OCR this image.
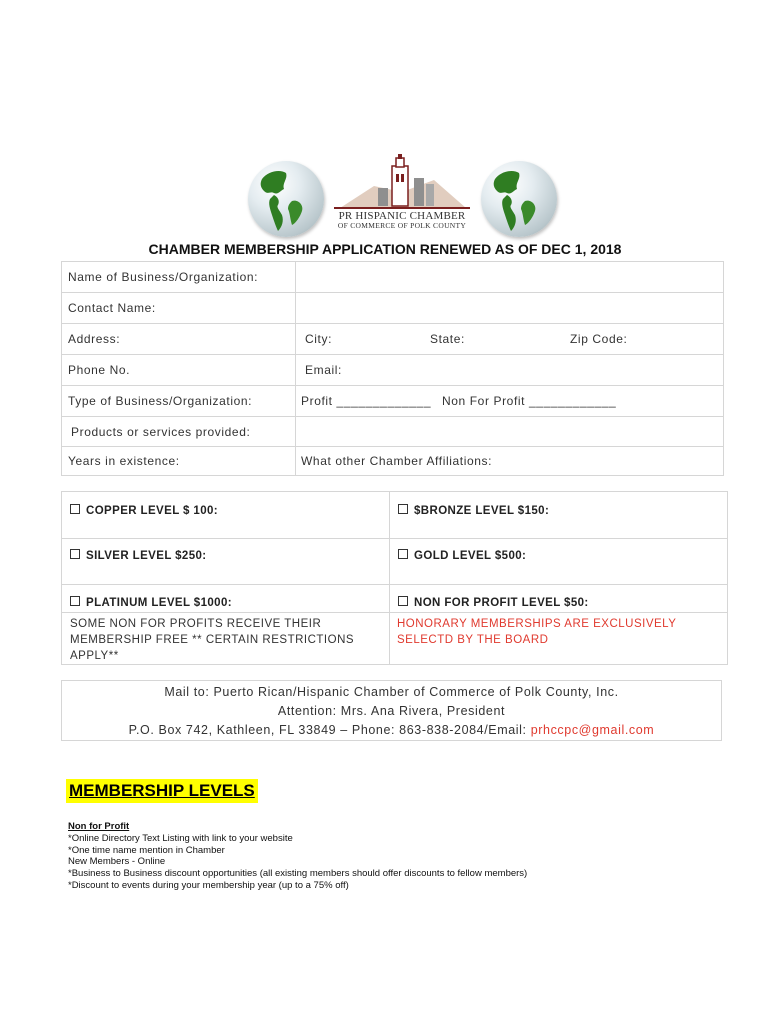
PR HISPANIC CHAMBER
OF COMMERCE OF POLK COUNTY
CHAMBER MEMBERSHIP APPLICATION RENEWED AS OF DEC 1, 2018
Name of Business/Organization:
Contact Name:
Address:	City:	State:	Zip Code:
Phone No.	Email:
Type of Business/Organization:	Profit _____________ Non For Profit ____________
Products or services provided:
Years in existence:	What other Chamber Affiliations:
COPPER LEVEL $ 100:	$BRONZE LEVEL $150:
SILVER LEVEL $250:	GOLD LEVEL $500:
PLATINUM LEVEL $1000:	NON FOR PROFIT LEVEL $50:
SOME NON FOR PROFITS RECEIVE THEIR
MEMBERSHIP FREE ** CERTAIN RESTRICTIONS
APPLY**
HONORARY MEMBERSHIPS ARE EXCLUSIVELY
SELECTD BY THE BOARD
Mail to: Puerto Rican/Hispanic Chamber of Commerce of Polk County, Inc.
Attention: Mrs. Ana Rivera, President
P.O. Box 742, Kathleen, FL 33849 – Phone: 863-838-2084/Email: prhccpc@gmail.com
MEMBERSHIP LEVELS
Non for Profit
*Online Directory Text Listing with link to your website
*One time name mention in Chamber
New Members - Online
*Business to Business discount opportunities (all existing members should offer discounts to fellow members)
*Discount to events during your membership year (up to a 75% off)
